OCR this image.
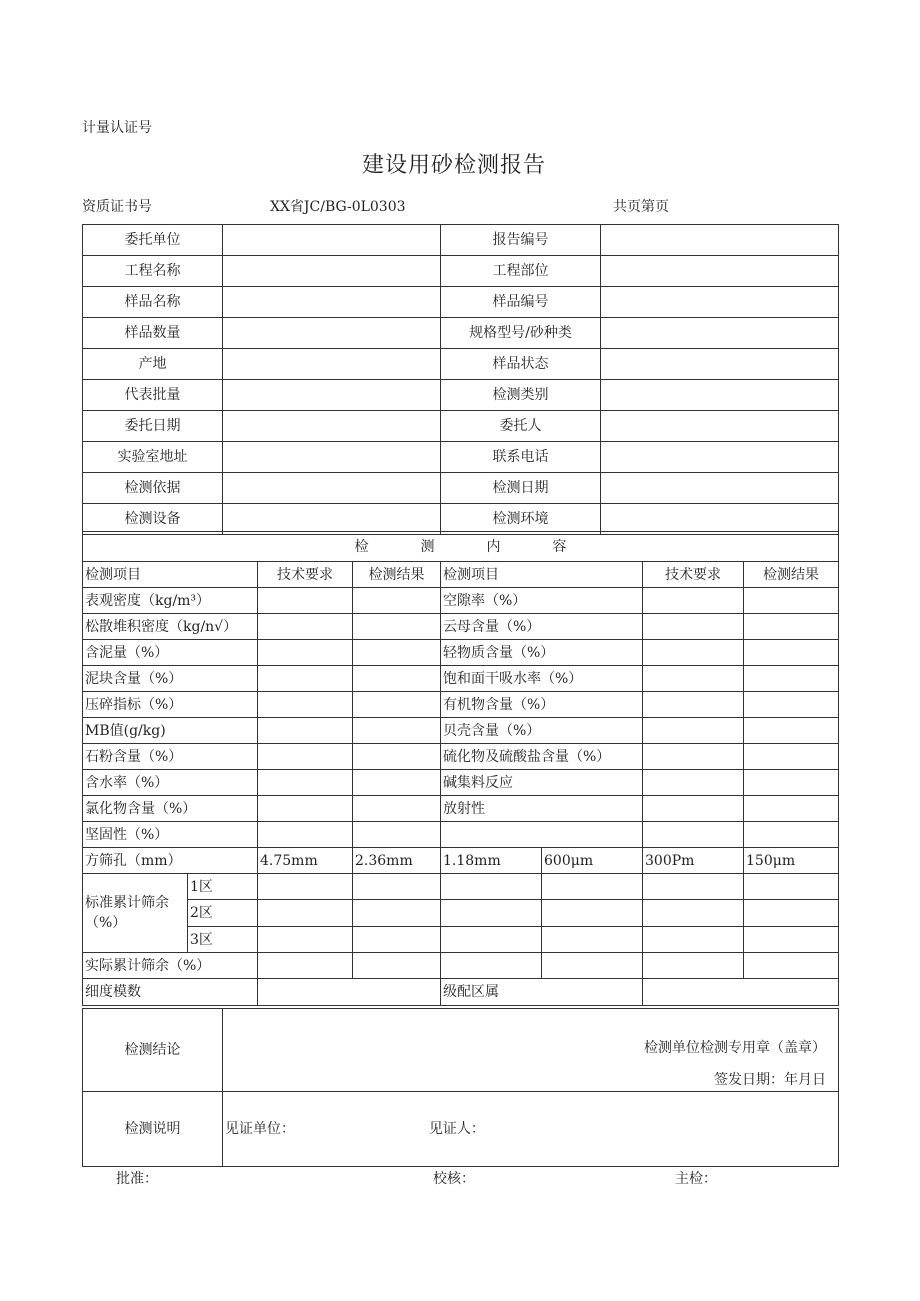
计量认证号
建设用砂检测报告
资质证书号	XX省JC/BG-0L0303	共页第页
委托单位		报告编号	
工程名称		工程部位	
样品名称		样品编号	
样品数量		规格型号/砂种类	
产地		样品状态	
代表批量		检测类别	
委托日期		委托人	
实验室地址		联系电话	
检测依据		检测日期	
检测设备		检测环境	
检测内容							
检测项目		技术要求	检测结果	检测项目		技术要求	检测结果
表观密度（kg/m³）				空隙率（%）			
松散堆积密度（kg/n√）				云母含量（%）			
含泥量（%）				轻物质含量（%）			
泥块含量（%）				饱和面干吸水率（%）			
压碎指标（%）				有机物含量（%）			
MB值(g/kg)				贝壳含量（%）			
石粉含量（%）				硫化物及硫酸盐含量（%）			
含水率（%）				碱集料反应			
氯化物含量（%）				放射性			
坚固性（%）							
方筛孔（mm）		4.75mm	2.36mm	1.18mm	600μm	300Pm	150μm
标准累计筛余（%）	1区						
	2区						
	3区						
实际累计筛余（%）							
细度模数				级配区属			
检测结论	检测单位检测专用章（盖章）
签发日期：年月日

检测说明	见证单位： 见证人：
批准：	校核：	主检：
